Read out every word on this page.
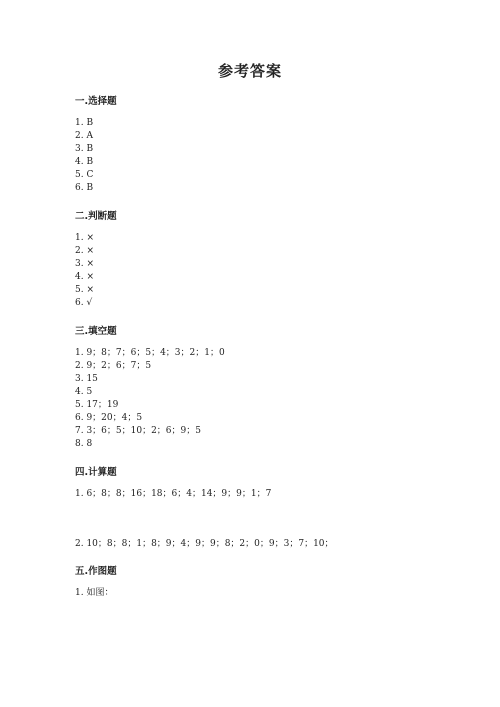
参考答案
一.选择题
1. B
2. A
3. B
4. B
5. C
6. B
二.判断题
1. ×
2. ×
3. ×
4. ×
5. ×
6. √
三.填空题
1. 9；8；7；6；5；4；3；2；1；0
2. 9；2；6；7；5
3. 15
4. 5
5. 17；19
6. 9；20；4；5
7. 3；6；5；10；2；6；9；5
8. 8
四.计算题
1. 6；8；8；16；18；6；4；14；9；9；1；7
2. 10；8；8；1；8；9；4；9；9；8；2；0；9；3；7；10；
五.作图题
1. 如图：
